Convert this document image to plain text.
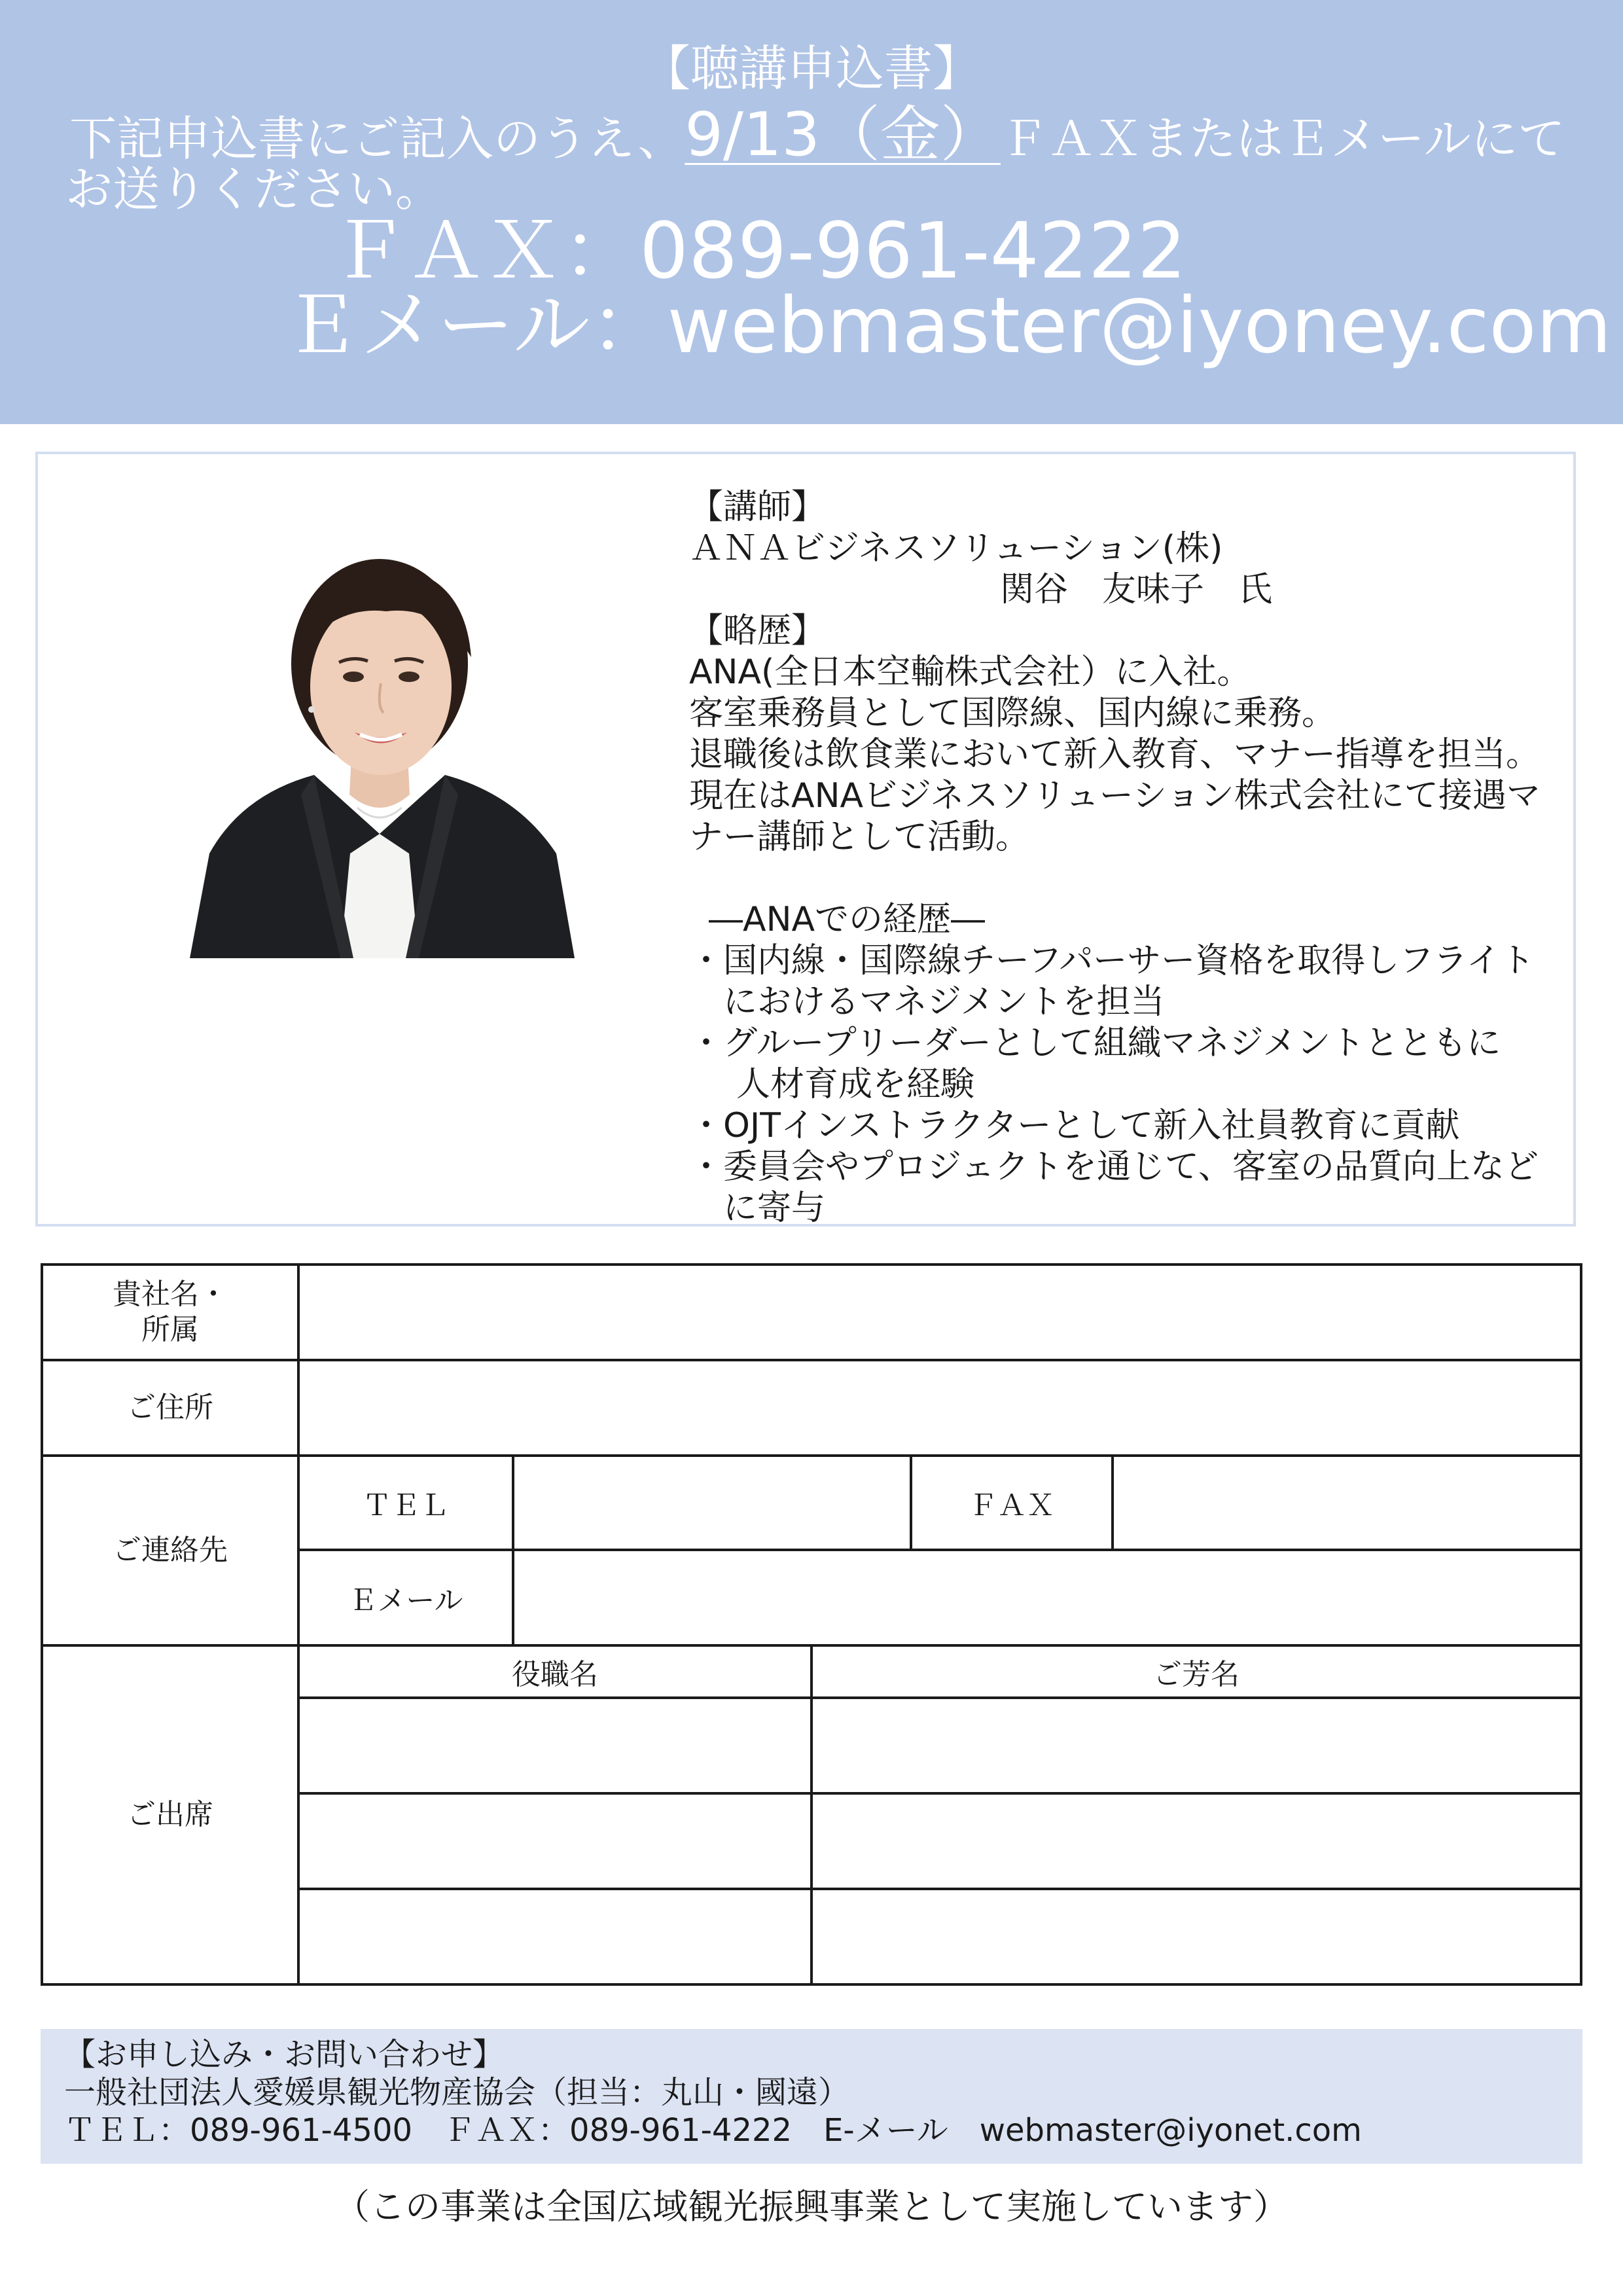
【聴講申込書】
下記申込書にご記入のうえ、9/13（金）ＦＡＸまたはＥメールにて
お送りください。
ＦＡＸ：089-961-4222
Ｅメール：webmaster@iyoney.com
【講師】
ＡＮＡビジネスソリューション(株)
関谷　友味子　氏
【略歴】
ANA(全日本空輸株式会社）に入社。
客室乗務員として国際線、国内線に乗務。
退職後は飲食業において新入教育、マナー指導を担当。
現在はANAビジネスソリューション株式会社にて接遇マ
ナー講師として活動。
―ANAでの経歴―
・国内線・国際線チーフパーサー資格を取得しフライト
におけるマネジメントを担当
・グループリーダーとして組織マネジメントとともに
人材育成を経験
・OJTインストラクターとして新入社員教育に貢献
・委員会やプロジェクトを通じて、客室の品質向上など
に寄与
貴社名・
所属					

ご住所					
ご連絡先	ＴＥＬ			ＦＡＸ	
	Ｅメール				
ご出席	役職名		ご芳名		

【お申し込み・お問い合わせ】
一般社団法人愛媛県観光物産協会（担当：丸山・國遠）
ＴＥＬ：089-961-4500　ＦＡＸ：089-961-4222　E-メール　webmaster@iyonet.com
（この事業は全国広域観光振興事業として実施しています）
